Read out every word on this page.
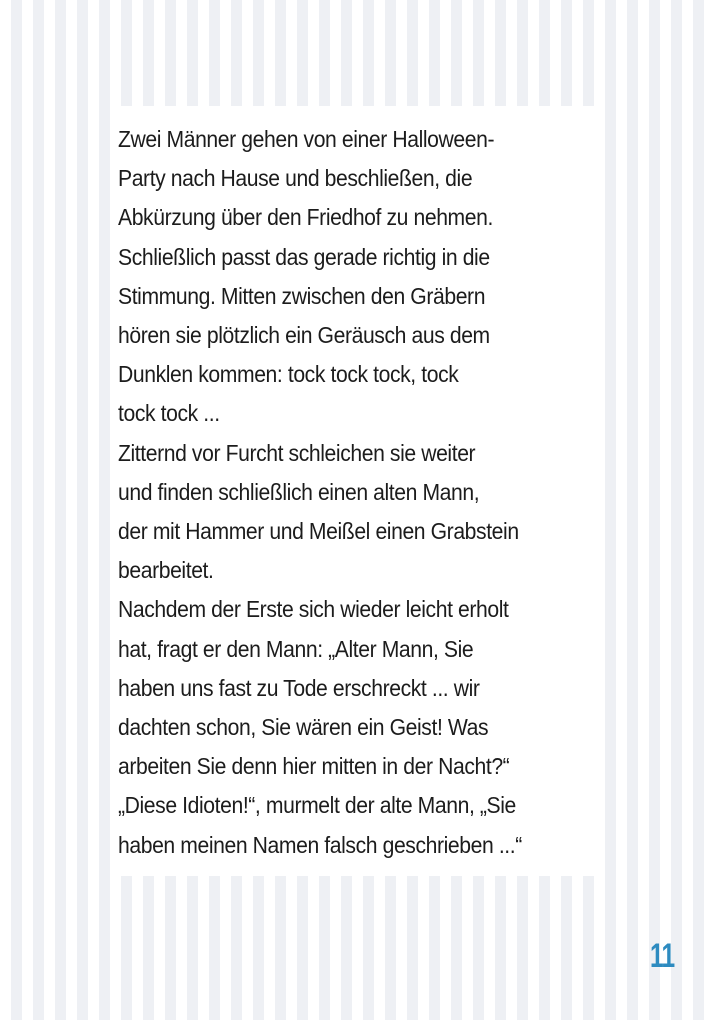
Zwei Männer gehen von einer Halloween-
Party nach Hause und beschließen, die
Abkürzung über den Friedhof zu nehmen.
Schließlich passt das gerade richtig in die
Stimmung. Mitten zwischen den Gräbern
hören sie plötzlich ein Geräusch aus dem
Dunklen kommen: tock tock tock, tock
tock tock ...
Zitternd vor Furcht schleichen sie weiter
und finden schließlich einen alten Mann,
der mit Hammer und Meißel einen Grabstein
bearbeitet.
Nachdem der Erste sich wieder leicht erholt
hat, fragt er den Mann: „Alter Mann, Sie
haben uns fast zu Tode erschreckt ... wir
dachten schon, Sie wären ein Geist! Was
arbeiten Sie denn hier mitten in der Nacht?“
„Diese Idioten!“, murmelt der alte Mann, „Sie
haben meinen Namen falsch geschrieben ...“
11
